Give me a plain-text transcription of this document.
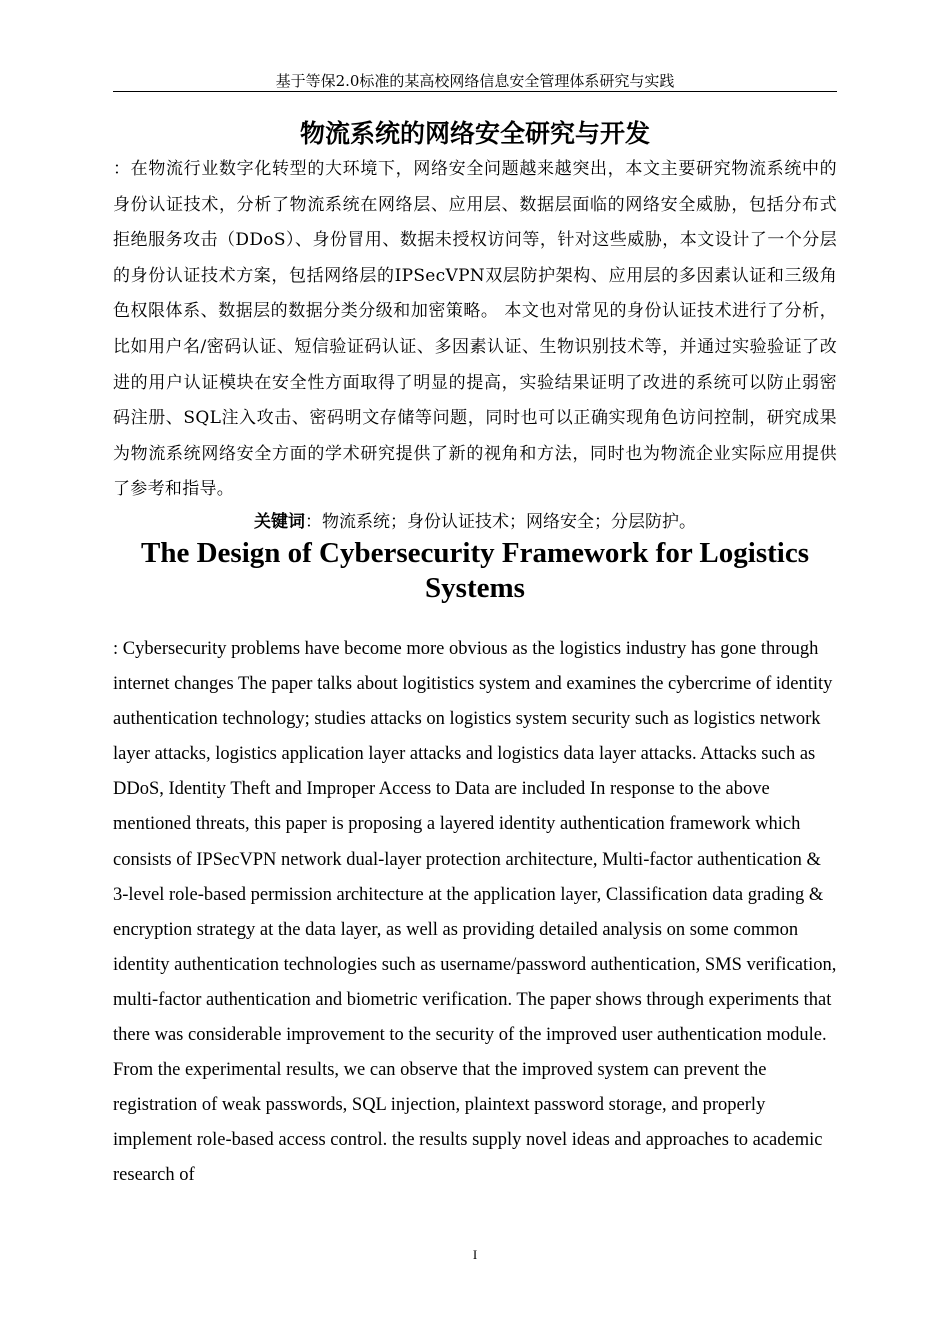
基于等保2.0标准的某高校网络信息安全管理体系研究与实践
物流系统的网络安全研究与开发
：在物流行业数字化转型的大环境下，网络安全问题越来越突出，本文主要研究物流系统中的身份认证技术，分析了物流系统在网络层、应用层、数据层面临的网络安全威胁，包括分布式拒绝服务攻击（DDoS）、身份冒用、数据未授权访问等，针对这些威胁，本文设计了一个分层的身份认证技术方案，包括网络层的IPSecVPN双层防护架构、应用层的多因素认证和三级角色权限体系、数据层的数据分类分级和加密策略。 本文也对常见的身份认证技术进行了分析，比如用户名/密码认证、短信验证码认证、多因素认证、生物识别技术等，并通过实验验证了改进的用户认证模块在安全性方面取得了明显的提高，实验结果证明了改进的系统可以防止弱密码注册、SQL注入攻击、密码明文存储等问题，同时也可以正确实现角色访问控制，研究成果为物流系统网络安全方面的学术研究提供了新的视角和方法，同时也为物流企业实际应用提供了参考和指导。
关键词：物流系统；身份认证技术；网络安全；分层防护。
The Design of Cybersecurity Framework for Logistics Systems
: Cybersecurity problems have become more obvious as the logistics industry has gone through internet changes The paper talks about logitistics system and examines the cybercrime of identity authentication technology; studies attacks on logistics system security such as logistics network layer attacks, logistics application layer attacks and logistics data layer attacks. Attacks such as DDoS, Identity Theft and Improper Access to Data are included In response to the above mentioned threats, this paper is proposing a layered identity authentication framework which consists of IPSecVPN network dual-layer protection architecture, Multi-factor authentication & 3-level role-based permission architecture at the application layer, Classification data grading & encryption strategy at the data layer, as well as providing detailed analysis on some common identity authentication technologies such as username/password authentication, SMS verification, multi-factor authentication and biometric verification. The paper shows through experiments that there was considerable improvement to the security of the improved user authentication module. From the experimental results, we can observe that the improved system can prevent the registration of weak passwords, SQL injection, plaintext password storage, and properly implement role-based access control. the results supply novel ideas and approaches to academic research of
I
